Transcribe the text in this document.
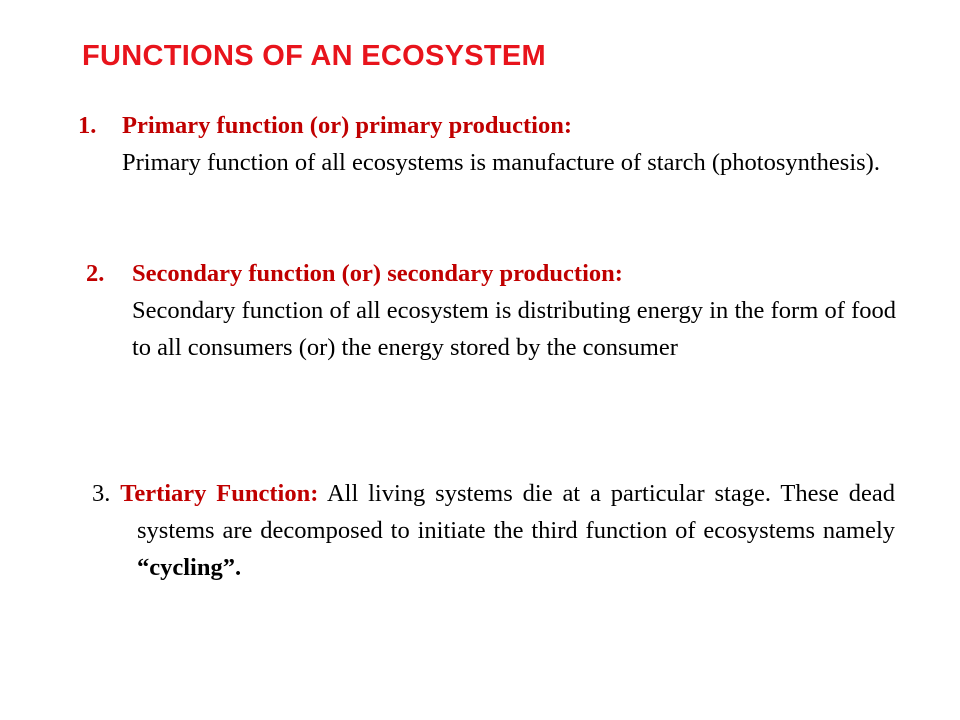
FUNCTIONS OF AN ECOSYSTEM
1.	Primary function (or) primary production:
Primary function of all ecosystems is manufacture of starch (photosynthesis).
2.	Secondary function (or) secondary production:
Secondary function of all ecosystem is distributing energy in the form of food to all consumers (or) the energy stored by the consumer
3. Tertiary Function: All living systems die at a particular stage. These dead systems are decomposed to initiate the third function of ecosystems namely “cycling”.
